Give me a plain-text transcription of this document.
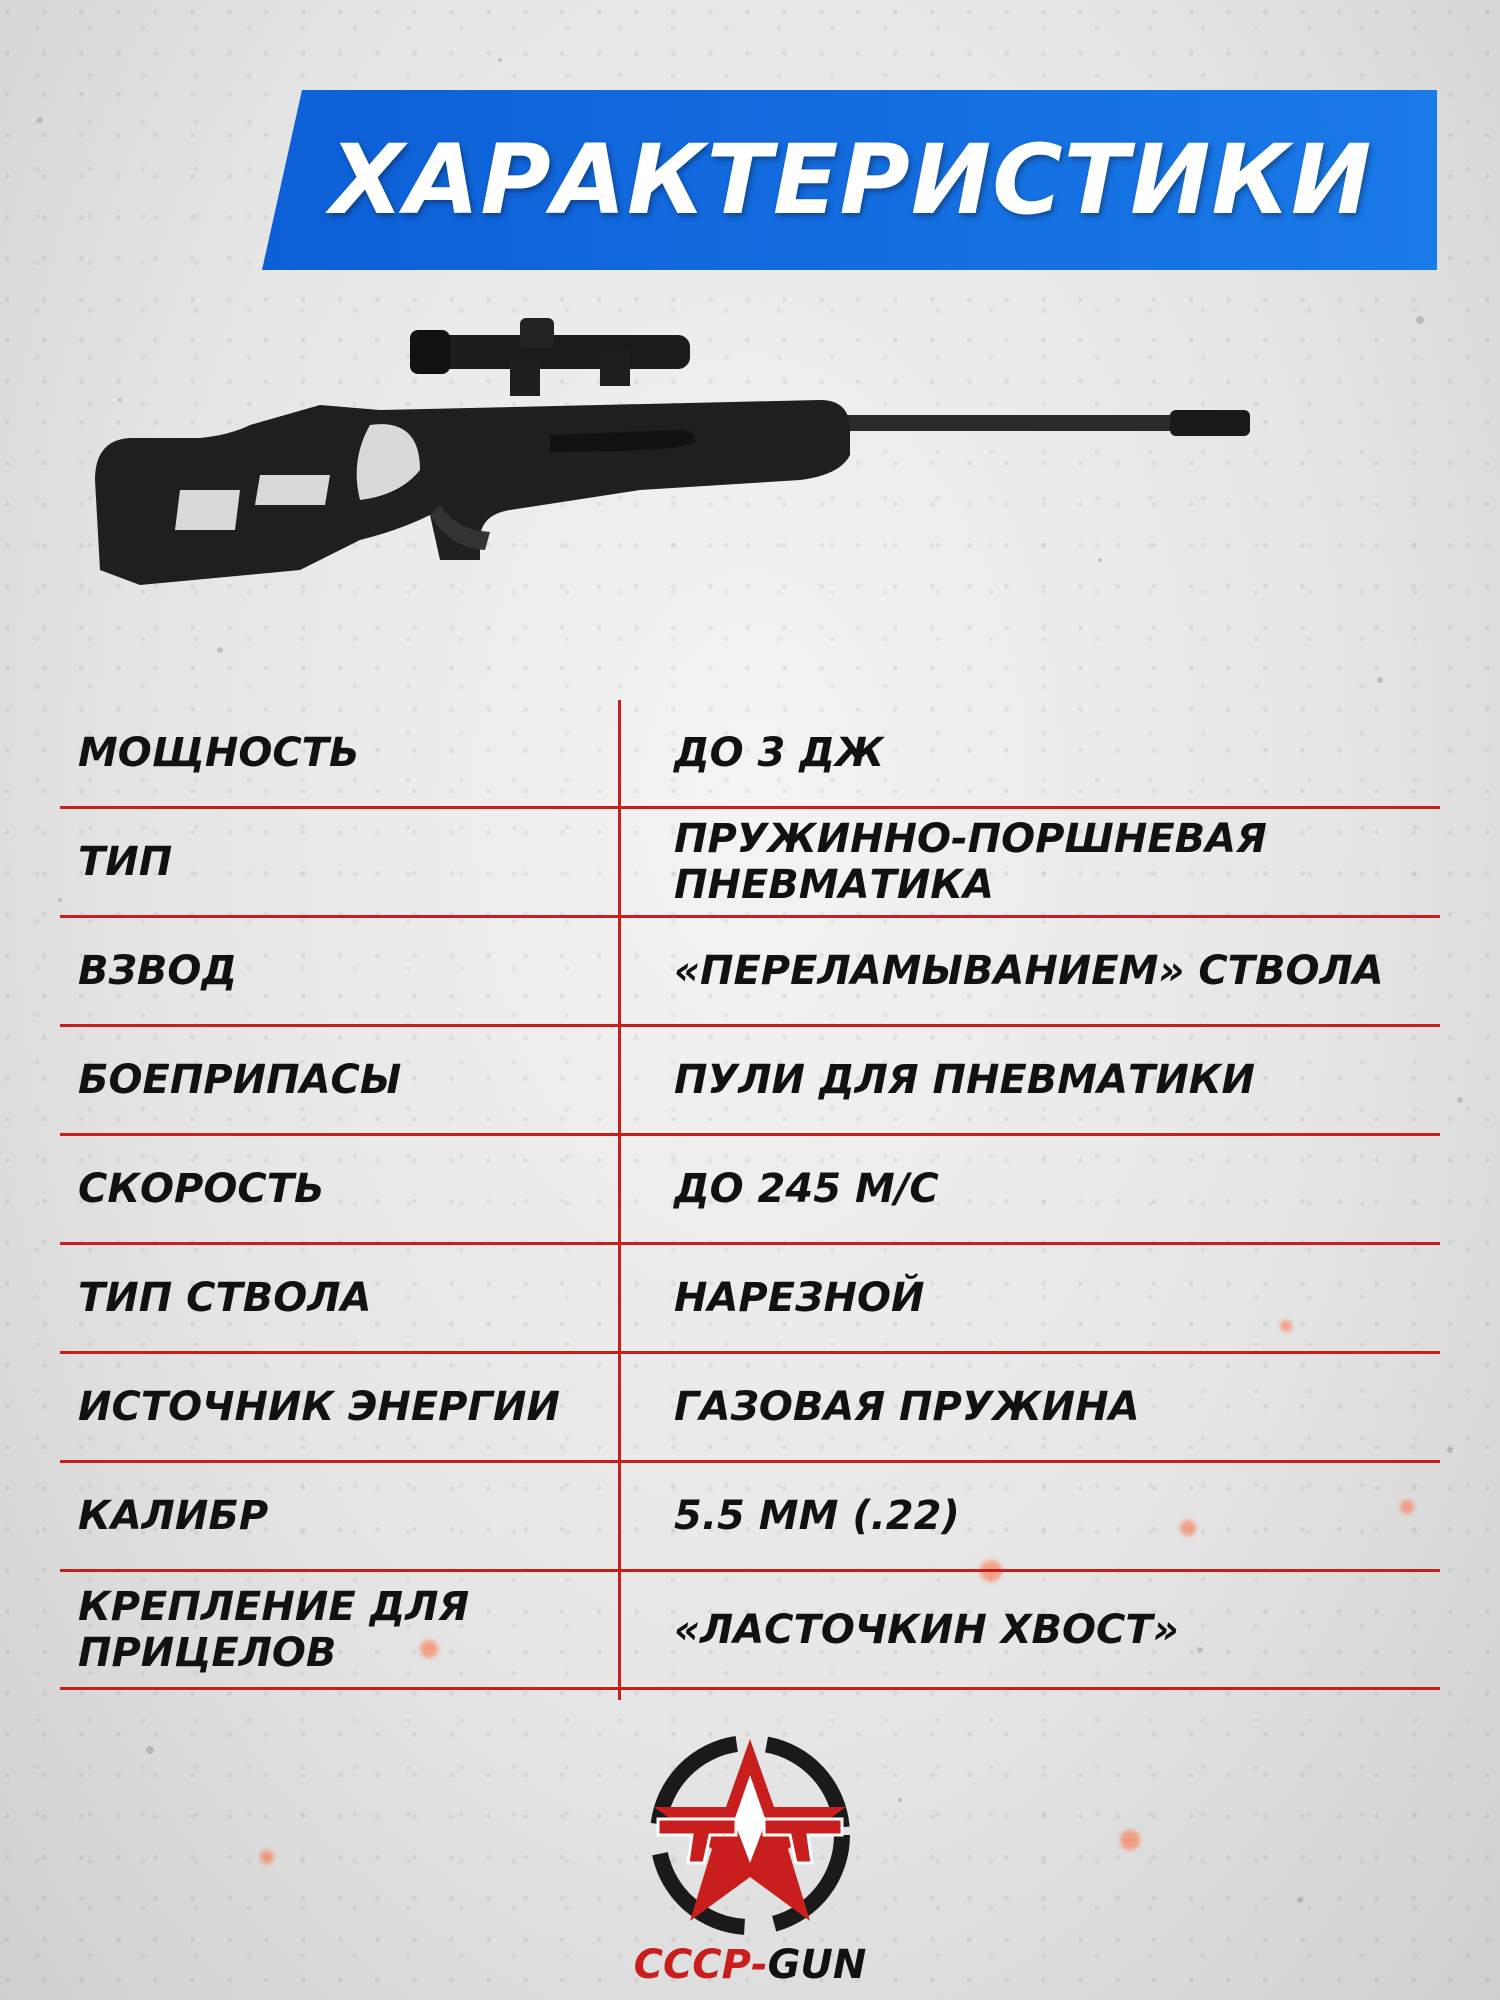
ХАРАКТЕРИСТИКИ
МОЩНОСТЬ	ДО 3 ДЖ
ТИП	ПРУЖИННО-ПОРШНЕВАЯ ПНЕВМАТИКА
ВЗВОД	«ПЕРЕЛАМЫВАНИЕМ» СТВОЛА
БОЕПРИПАСЫ	ПУЛИ ДЛЯ ПНЕВМАТИКИ
СКОРОСТЬ	ДО 245 М/С
ТИП СТВОЛА	НАРЕЗНОЙ
ИСТОЧНИК ЭНЕРГИИ	ГАЗОВАЯ ПРУЖИНА
КАЛИБР	5.5 ММ (.22)
КРЕПЛЕНИЕ ДЛЯ ПРИЦЕЛОВ	«ЛАСТОЧКИН ХВОСТ»
СССР-GUN
